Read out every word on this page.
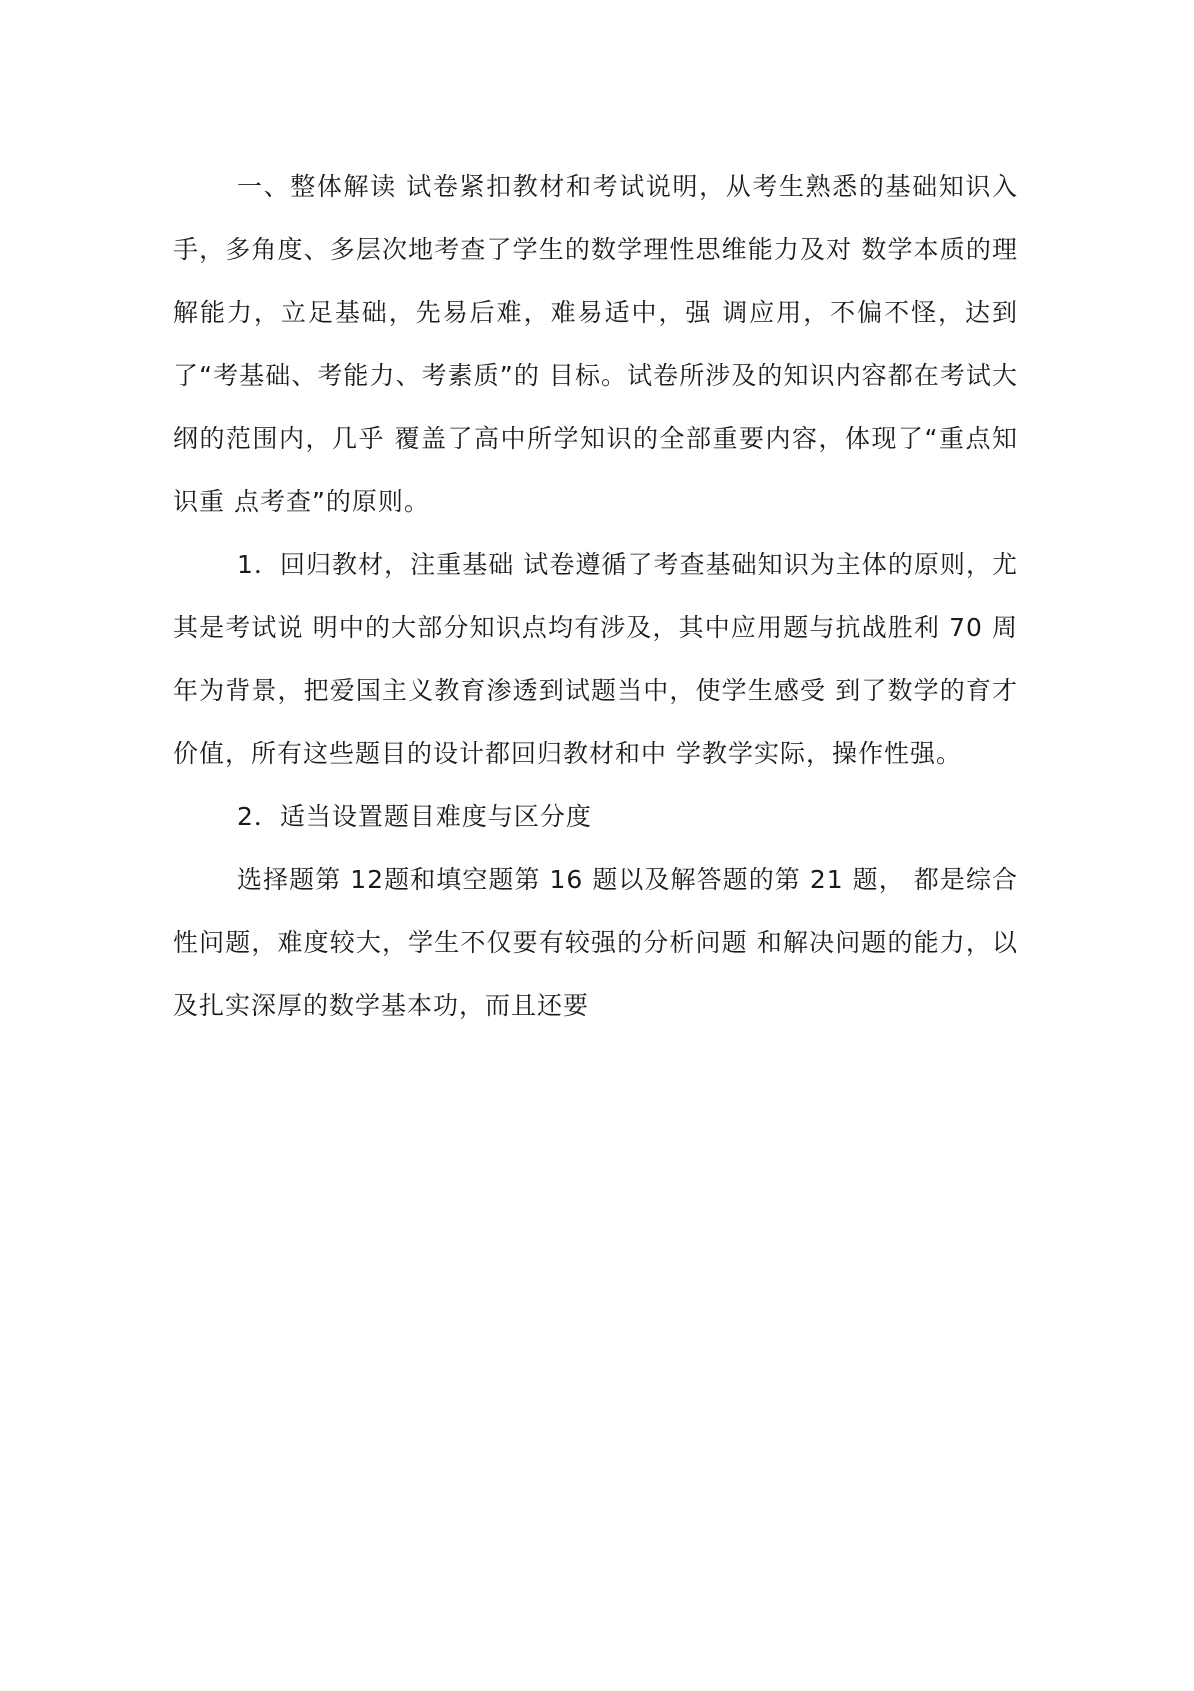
一、整体解读 试卷紧扣教材和考试说明，从考生熟悉的基础知识入 手，多角度、多层次地考查了学生的数学理性思维能力及对 数学本质的理解能力，立足基础，先易后难，难易适中，强 调应用，不偏不怪，达到了“考基础、考能力、考素质”的 目标。试卷所涉及的知识内容都在考试大纲的范围内，几乎 覆盖了高中所学知识的全部重要内容，体现了“重点知识重 点考查”的原则。

1．回归教材，注重基础 试卷遵循了考查基础知识为主体的原则，尤其是考试说 明中的大部分知识点均有涉及，其中应用题与抗战胜利 70 周年为背景，把爱国主义教育渗透到试题当中，使学生感受 到了数学的育才价值，所有这些题目的设计都回归教材和中 学教学实际，操作性强。

2．适当设置题目难度与区分度

选择题第 12题和填空题第 16 题以及解答题的第 21 题， 都是综合性问题，难度较大，学生不仅要有较强的分析问题 和解决问题的能力，以及扎实深厚的数学基本功，而且还要
